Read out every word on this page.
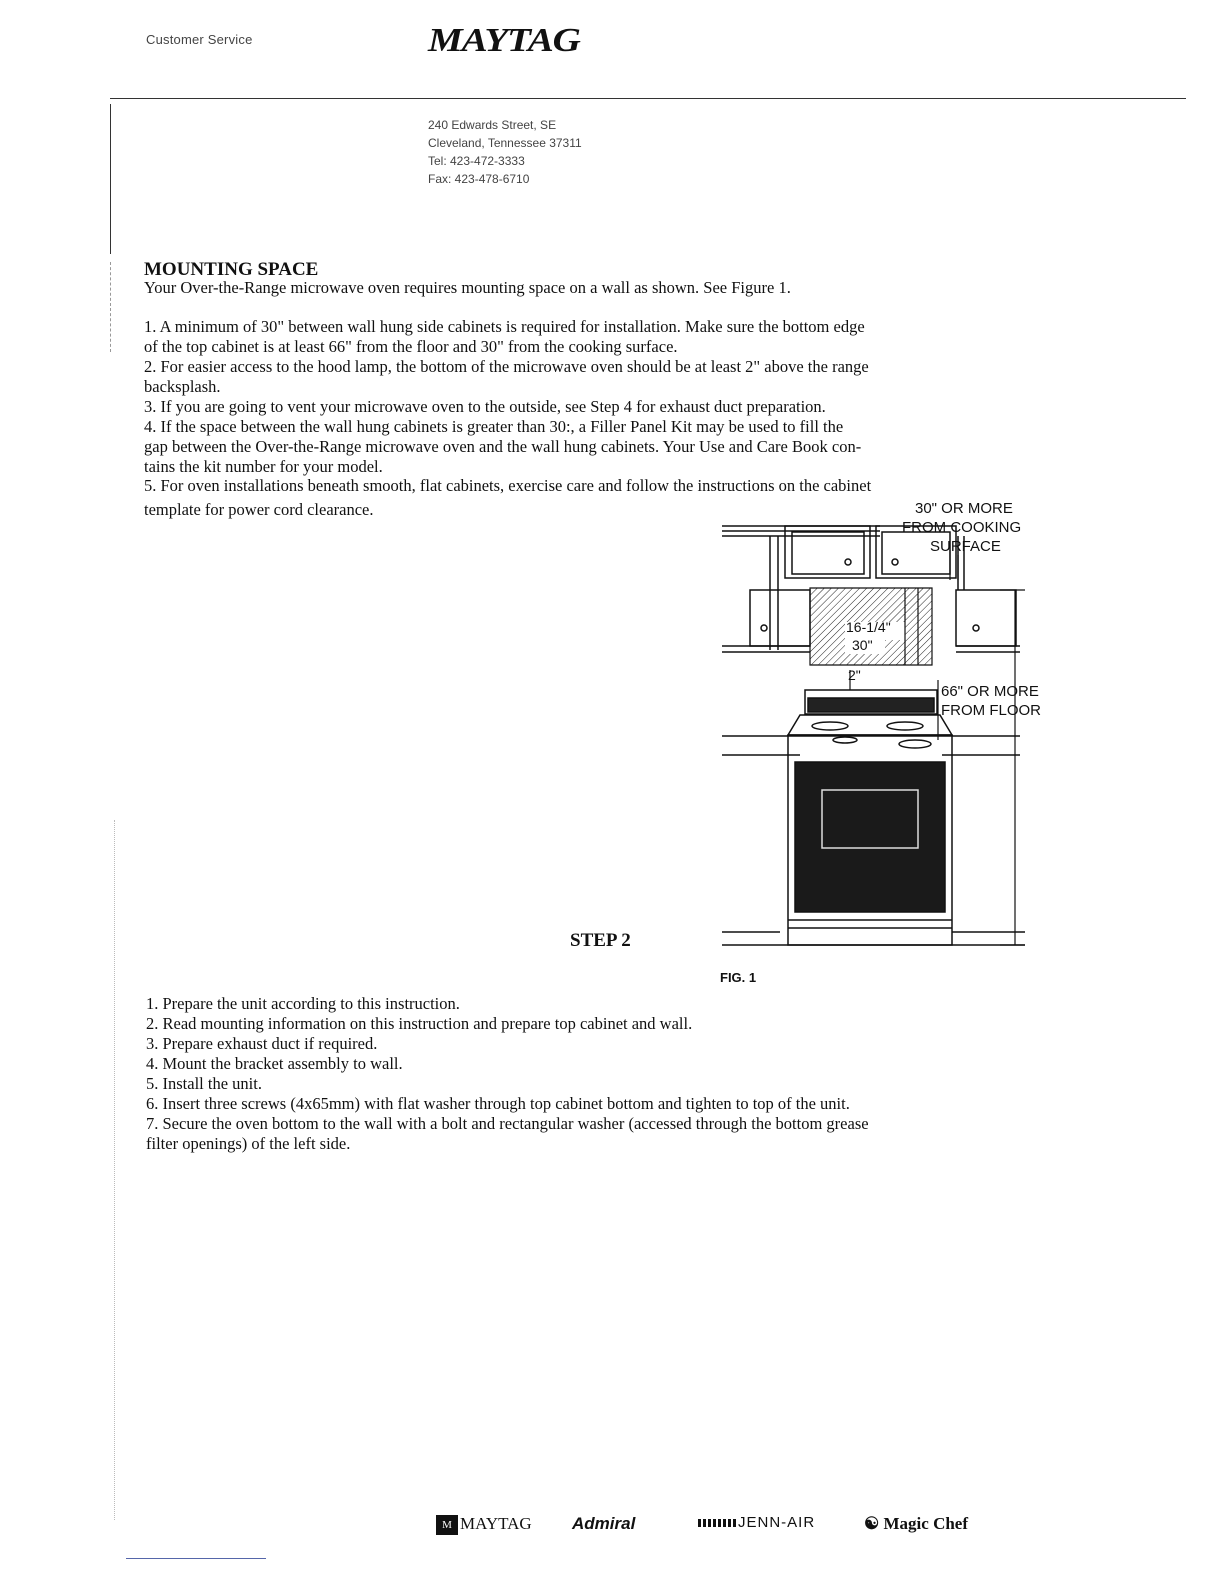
Customer Service	MAYTAG
240 Edwards Street, SE
Cleveland, Tennessee 37311
Tel: 423-472-3333
Fax: 423-478-6710
MOUNTING SPACE
Your Over-the-Range microwave oven requires mounting space on a wall as shown. See Figure 1.
1. A minimum of 30" between wall hung side cabinets is required for installation. Make sure the bottom edge
of the top cabinet is at least 66" from the floor and 30" from the cooking surface.
2. For easier access to the hood lamp, the bottom of the microwave oven should be at least 2" above the range
backsplash.
3. If you are going to vent your microwave oven to the outside, see Step 4 for exhaust duct preparation.
4. If the space between the wall hung cabinets is greater than 30:, a Filler Panel Kit may be used to fill the
gap between the Over-the-Range microwave oven and the wall hung cabinets. Your Use and Care Book con-
tains the kit number for your model.
5. For oven installations beneath smooth, flat cabinets, exercise care and follow the instructions on the cabinet
template for power cord clearance.	30" OR MORE
FROM COOKING
SURFACE
16-1/4"
30"
2"
66" OR MORE
FROM FLOOR
STEP 2
FIG. 1
1. Prepare the unit according to this instruction.
2. Read mounting information on this instruction and prepare top cabinet and wall.
3. Prepare exhaust duct if required.
4. Mount the bracket assembly to wall.
5. Install the unit.
6. Insert three screws (4x65mm) with flat washer through top cabinet bottom and tighten to top of the unit.
7. Secure the oven bottom to the wall with a bolt and rectangular washer (accessed through the bottom grease
filter openings) of the left side.
M MAYTAG Admiral	JENN-AIR	☯ Magic Chef
